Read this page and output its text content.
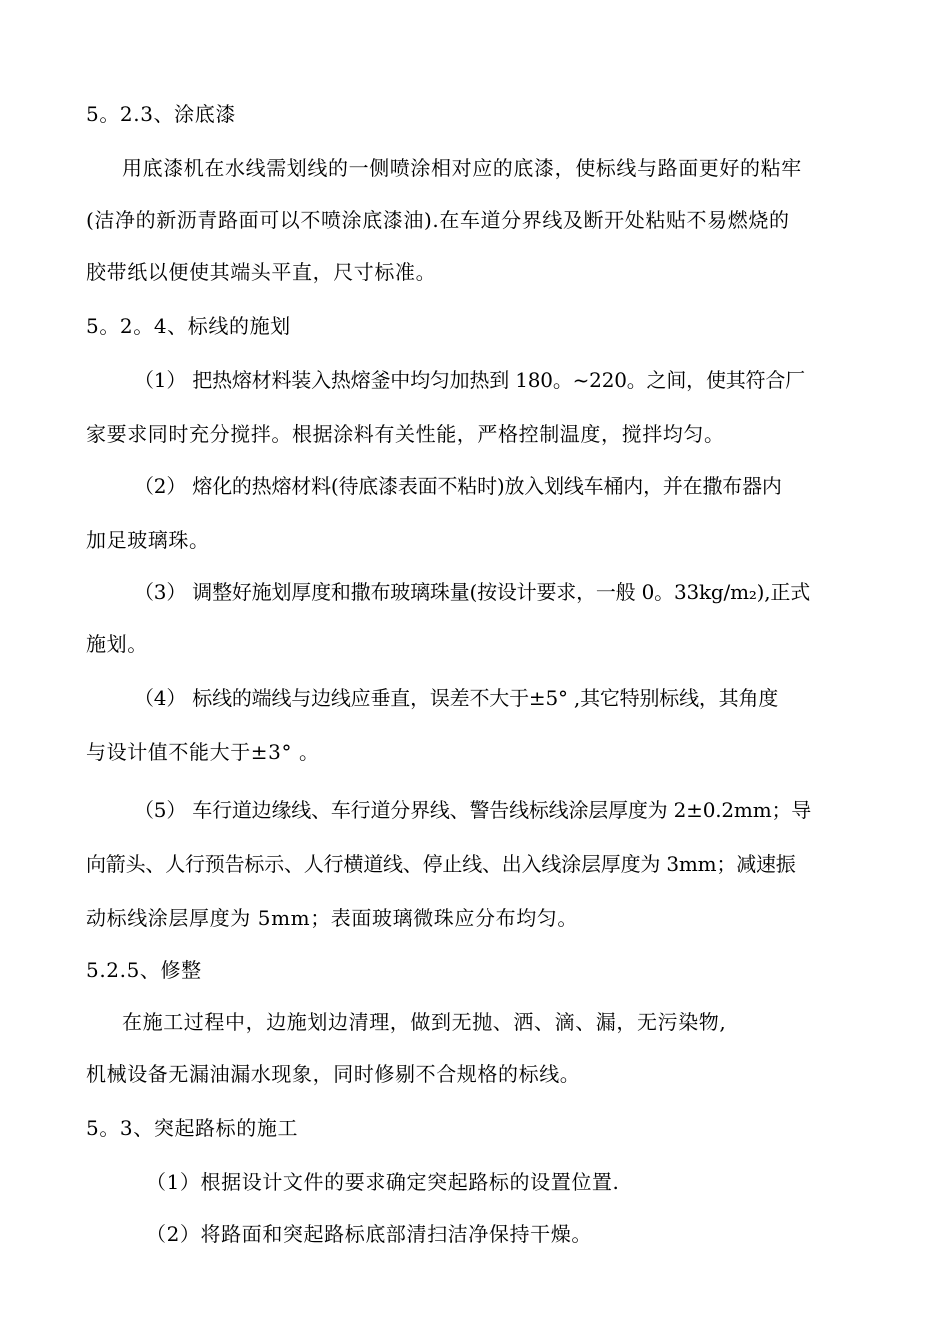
5。2.3、涂底漆
用底漆机在水线需划线的一侧喷涂相对应的底漆，使标线与路面更好的粘牢
(洁净的新沥青路面可以不喷涂底漆油).在车道分界线及断开处粘贴不易燃烧的
胶带纸以便使其端头平直，尺寸标准。
5。2。4、标线的施划
（1） 把热熔材料装入热熔釜中均匀加热到 180。~220。之间，使其符合厂
家要求同时充分搅拌。根据涂料有关性能，严格控制温度，搅拌均匀。
（2） 熔化的热熔材料(待底漆表面不粘时)放入划线车桶内，并在撒布器内
加足玻璃珠。
（3） 调整好施划厚度和撒布玻璃珠量(按设计要求，一般 0。33kg/m₂),正式
施划。
（4） 标线的端线与边线应垂直，误差不大于±5° ,其它特别标线，其角度
与设计值不能大于±3° 。
（5） 车行道边缘线、车行道分界线、警告线标线涂层厚度为 2±0.2mm；导
向箭头、人行预告标示、人行横道线、停止线、出入线涂层厚度为 3mm；减速振
动标线涂层厚度为 5mm；表面玻璃微珠应分布均匀。
5.2.5、修整
在施工过程中，边施划边清理，做到无抛、洒、滴、漏，无污染物,
机械设备无漏油漏水现象，同时修剔不合规格的标线。
5。3、突起路标的施工
（1）根据设计文件的要求确定突起路标的设置位置.
（2）将路面和突起路标底部清扫洁净保持干燥。
